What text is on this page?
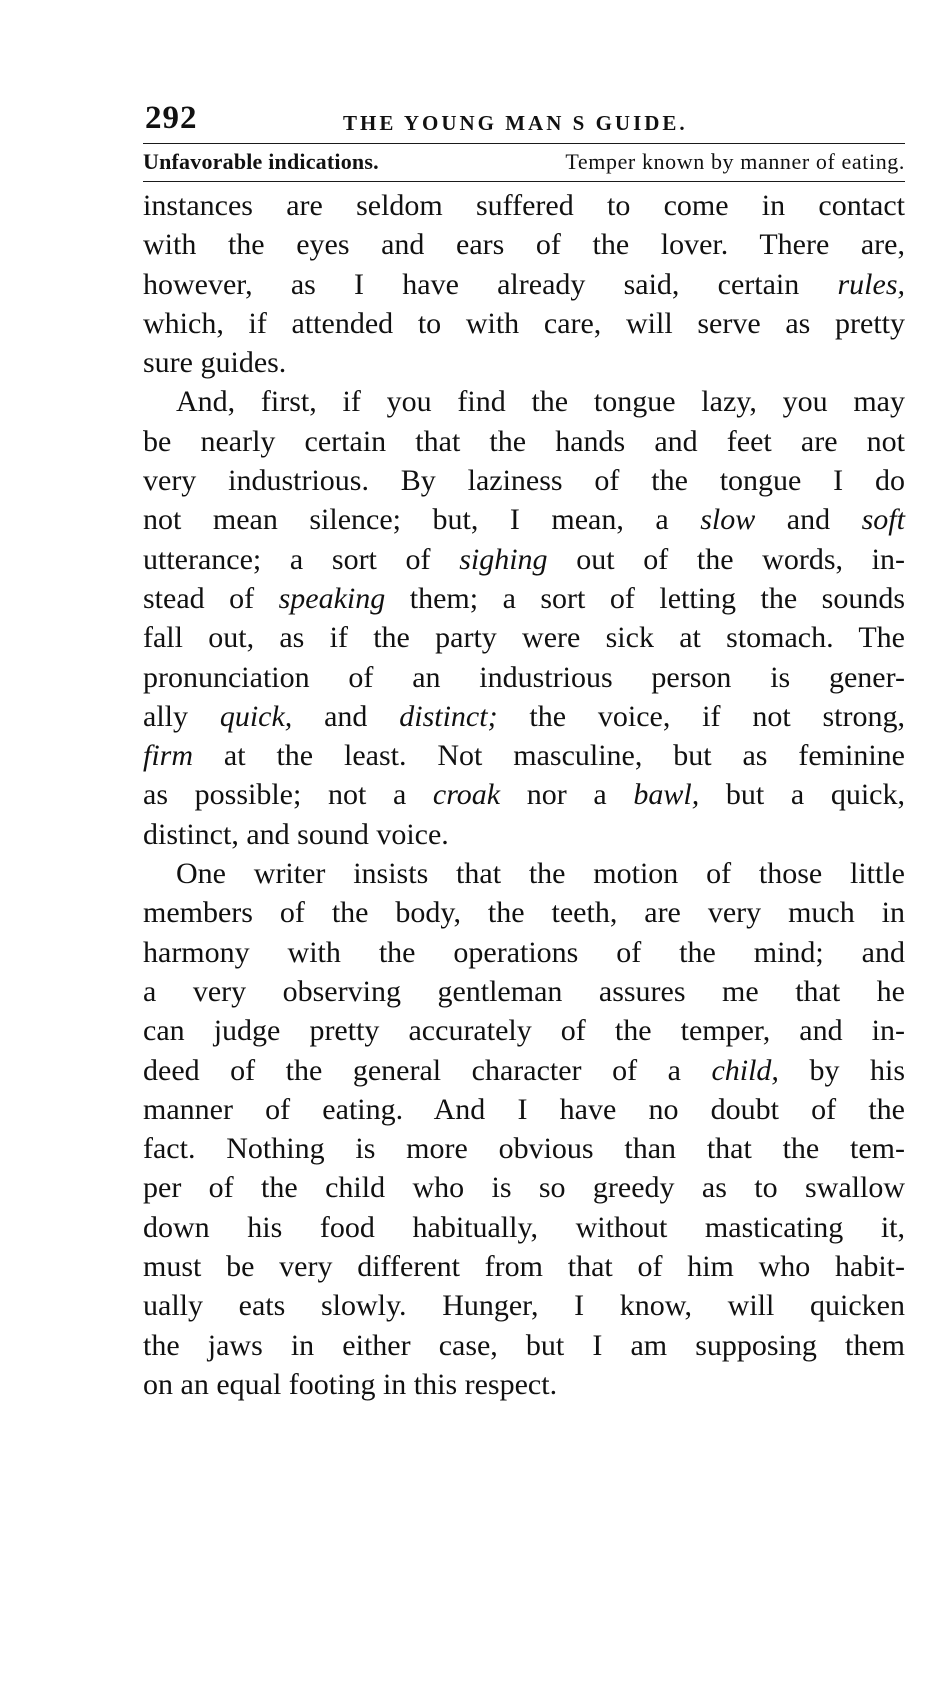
292	THE YOUNG MAN S GUIDE.
Unfavorable indications.	Temper known by manner of eating.
instances are seldom suffered to come in contact
with the eyes and ears of the lover. There are,
however, as I have already said, certain rules,
which, if attended to with care, will serve as pretty
sure guides.
And, first, if you find the tongue lazy, you may
be nearly certain that the hands and feet are not
very industrious. By laziness of the tongue I do
not mean silence; but, I mean, a slow and soft
utterance; a sort of sighing out of the words, in-
stead of speaking them; a sort of letting the sounds
fall out, as if the party were sick at stomach. The
pronunciation of an industrious person is gener-
ally quick, and distinct; the voice, if not strong,
firm at the least. Not masculine, but as feminine
as possible; not a croak nor a bawl, but a quick,
distinct, and sound voice.
One writer insists that the motion of those little
members of the body, the teeth, are very much in
harmony with the operations of the mind; and
a very observing gentleman assures me that he
can judge pretty accurately of the temper, and in-
deed of the general character of a child, by his
manner of eating. And I have no doubt of the
fact. Nothing is more obvious than that the tem-
per of the child who is so greedy as to swallow
down his food habitually, without masticating it,
must be very different from that of him who habit-
ually eats slowly. Hunger, I know, will quicken
the jaws in either case, but I am supposing them
on an equal footing in this respect.
